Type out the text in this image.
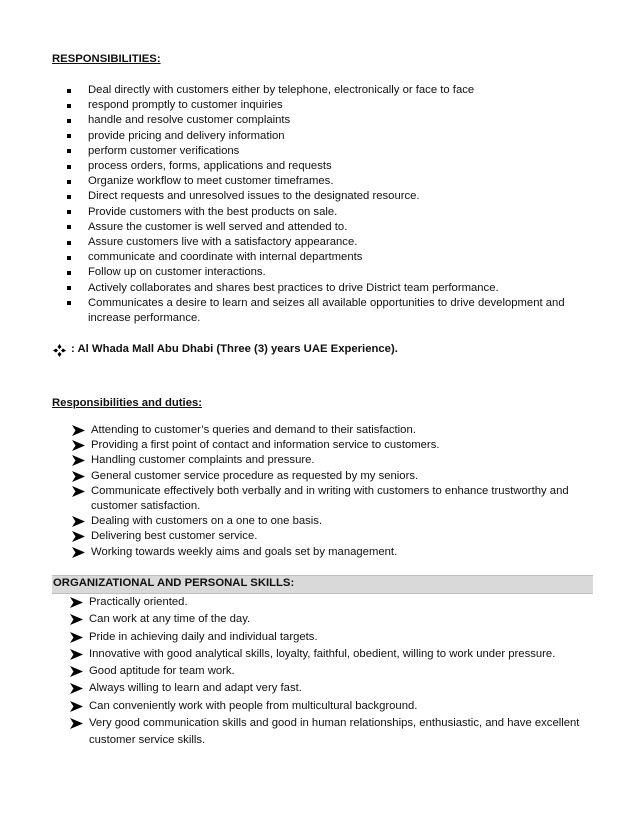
RESPONSIBILITIES:
Deal directly with customers either by telephone, electronically or face to face
respond promptly to customer inquiries
handle and resolve customer complaints
provide pricing and delivery information
perform customer verifications
process orders, forms, applications and requests
Organize workflow to meet customer timeframes.
Direct requests and unresolved issues to the designated resource.
Provide customers with the best products on sale.
Assure the customer is well served and attended to.
Assure customers live with a satisfactory appearance.
communicate and coordinate with internal departments
Follow up on customer interactions.
Actively collaborates and shares best practices to drive District team performance.
Communicates a desire to learn and seizes all available opportunities to drive development and increase performance.
: Al Whada Mall Abu Dhabi (Three (3) years UAE Experience).
Responsibilities and duties:
Attending to customer’s queries and demand to their satisfaction.
Providing a first point of contact and information service to customers.
Handling customer complaints and pressure.
General customer service procedure as requested by my seniors.
Communicate effectively both verbally and in writing with customers to enhance trustworthy and customer satisfaction.
Dealing with customers on a one to one basis.
Delivering best customer service.
Working towards weekly aims and goals set by management.
ORGANIZATIONAL AND PERSONAL SKILLS:
Practically oriented.
Can work at any time of the day.
Pride in achieving daily and individual targets.
Innovative with good analytical skills, loyalty, faithful, obedient, willing to work under pressure.
Good aptitude for team work.
Always willing to learn and adapt very fast.
Can conveniently work with people from multicultural background.
Very good communication skills and good in human relationships, enthusiastic, and have excellent customer service skills.
